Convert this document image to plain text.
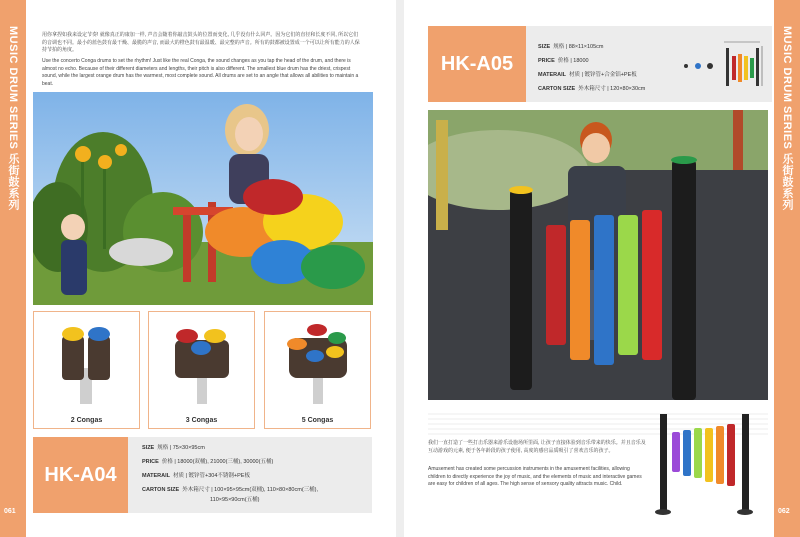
MUSIC DRUM SERIES 乐街鼓系列
061

用你拿捏如我来设定节奏! 就像真正的康加一样, 声音会随着你敲击鼓头的位置而变化, 几乎没有什么回声。因为它们的直径和长度不同, 所以它们的音调也不同。最小的蓝色鼓有最干燥、最脆的声音, 而最大的橙色鼓有最温暖、最完整的声音。所有的鼓都被设置成一个可以让所有能力的人保持节拍的角度。

Use the concerto Conga drums to set the rhythm! Just like the real Conga, the sound changes as you tap the head of the drum, and there is almost no echo. Because of their different diameters and lengths, their pitch is also different. The smallest blue drum has the driest, crispest sound, while the largest orange drum has the warmest, most complete sound. All drums are set to an angle that allows all abilities to maintain a beat.

2 Congas	3 Congas	5 Congas
HK-A04
SIZE 规格 | 75×30×95cm
PRICE 价格 | 18000(双桶), 21000(三桶), 30000(五桶)
MATERAIL 材质 | 镀锌管+304不锈钢+PE板
CARTON SIZE 外木箱尺寸 | 100×95×95cm(双桶), 110×80×80cm(三桶),
110×95×90cm(五桶)
MUSIC DRUM SERIES 乐街鼓系列
062
SIZE 规格 | 88×11×105cm
PRICE 价格 | 18000
MATERAIL 材质 | 镀锌管+合金铝+PE板
CARTON SIZE 外木箱尺寸 | 120×80×30cm
HK-A05

我们一直打造了一些打击乐器来游乐设施场所里面, 让孩子直接体验到音乐带来的快乐。并且音乐及互动游戏的元素, 便于各年龄段的孩子使用, 高度的感官品质吸引了喜欢音乐的孩子。

Amusement has created some percussion instruments in the amusement facilities, allowing children to directly experience the joy of music, and the elements of music and interactive games are easy for children of all ages. The high sense of sensory quality attracts music. Child.
